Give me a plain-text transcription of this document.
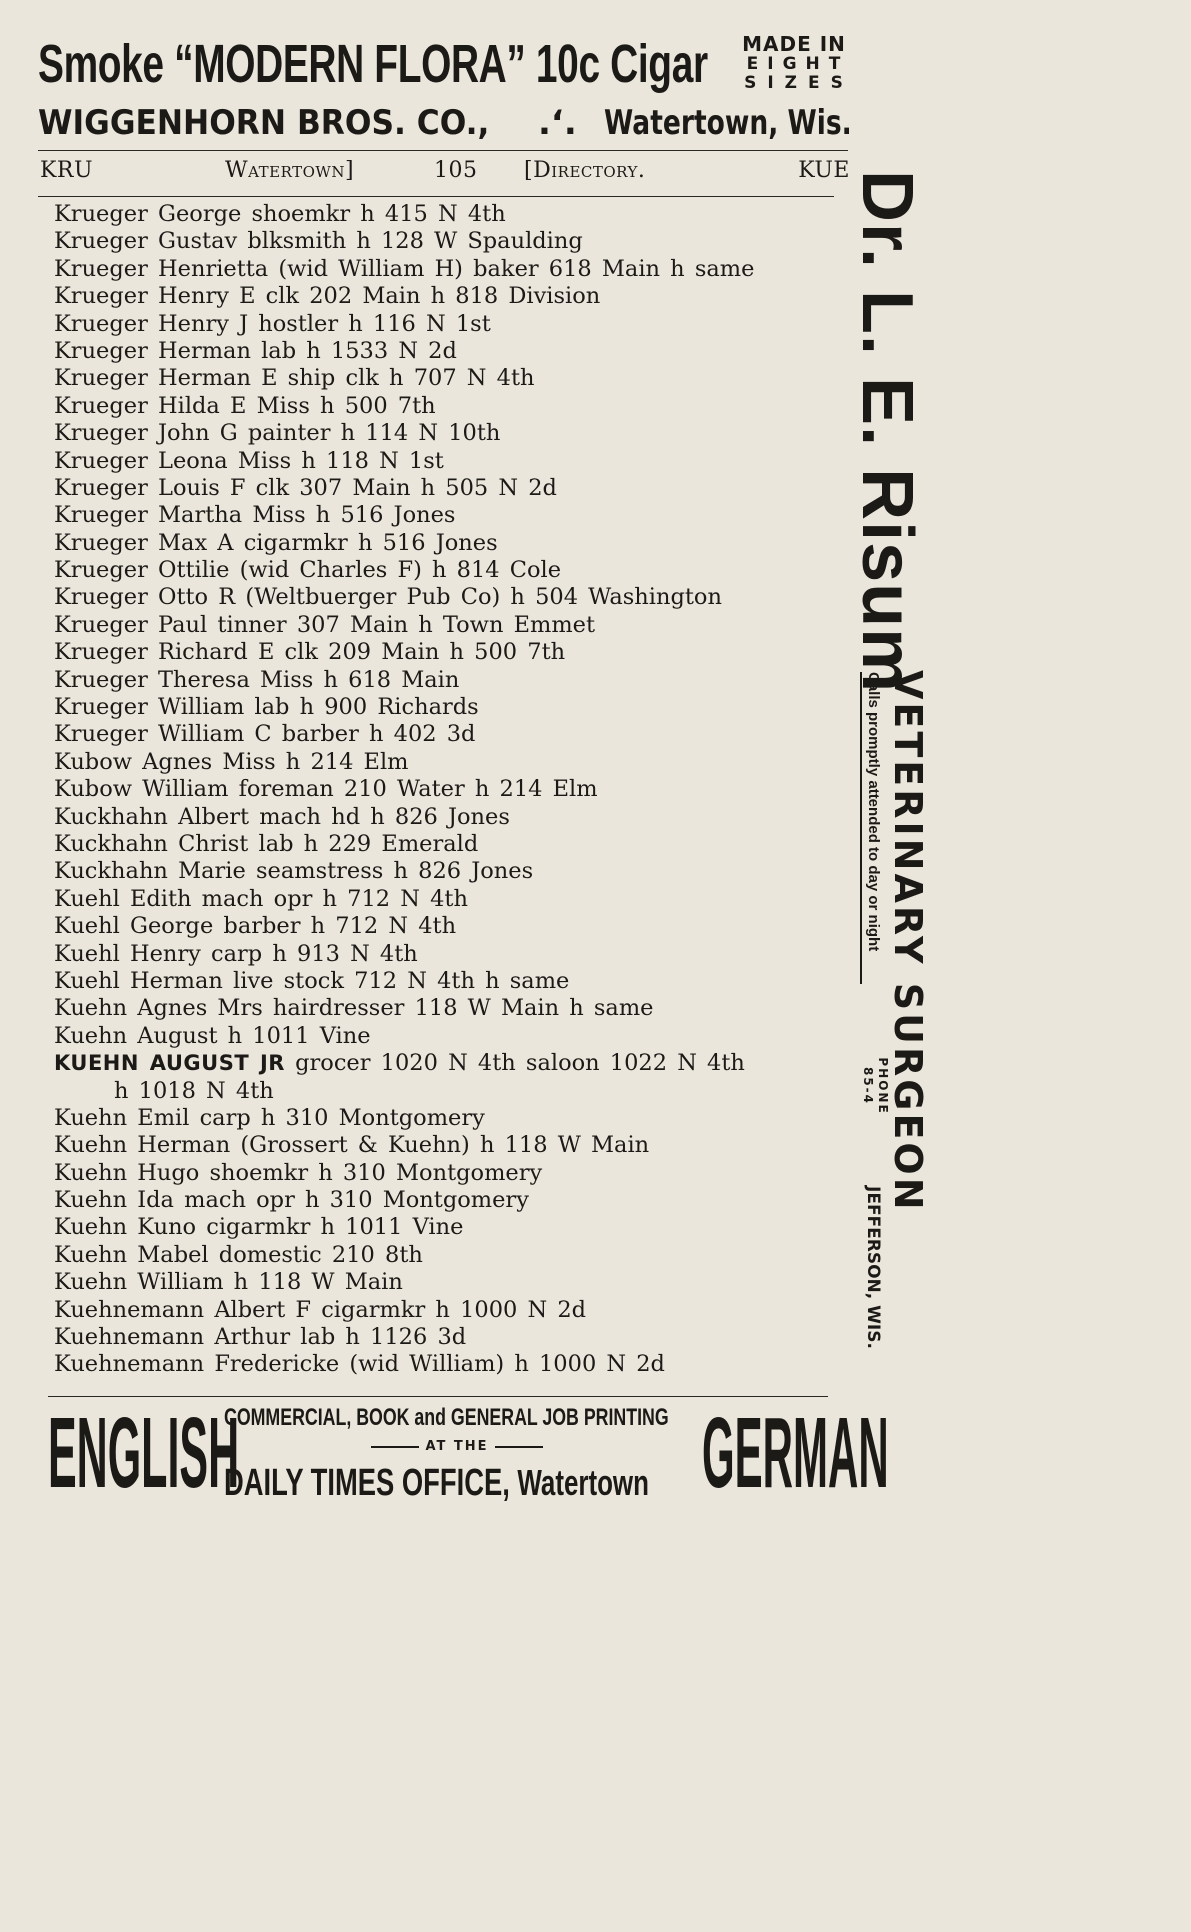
Smoke “MODERN FLORA” 10c Cigar	MADE IN
EIGHT
SIZES
WIGGENHORN BROS. CO., .‘. Watertown, Wis.
KRU	Watertown]	105 [Directory.	KUE
Krueger George shoemkr h 415 N 4th
Krueger Gustav blksmith h 128 W Spaulding
Krueger Henrietta (wid William H) baker 618 Main h same
Krueger Henry E clk 202 Main h 818 Division
Krueger Henry J hostler h 116 N 1st
Krueger Herman lab h 1533 N 2d
Krueger Herman E ship clk h 707 N 4th
Krueger Hilda E Miss h 500 7th
Krueger John G painter h 114 N 10th
Krueger Leona Miss h 118 N 1st
Krueger Louis F clk 307 Main h 505 N 2d
Krueger Martha Miss h 516 Jones
Krueger Max A cigarmkr h 516 Jones
Krueger Ottilie (wid Charles F) h 814 Cole
Krueger Otto R (Weltbuerger Pub Co) h 504 Washington
Krueger Paul tinner 307 Main h Town Emmet
Krueger Richard E clk 209 Main h 500 7th
Krueger Theresa Miss h 618 Main
Krueger William lab h 900 Richards
Krueger William C barber h 402 3d
Kubow Agnes Miss h 214 Elm
Kubow William foreman 210 Water h 214 Elm
Kuckhahn Albert mach hd h 826 Jones
Kuckhahn Christ lab h 229 Emerald
Kuckhahn Marie seamstress h 826 Jones
Kuehl Edith mach opr h 712 N 4th
Kuehl George barber h 712 N 4th
Kuehl Henry carp h 913 N 4th
Kuehl Herman live stock 712 N 4th h same
Kuehn Agnes Mrs hairdresser 118 W Main h same
Kuehn August h 1011 Vine
KUEHN AUGUST JR grocer 1020 N 4th saloon 1022 N 4th
h 1018 N 4th
Kuehn Emil carp h 310 Montgomery
Kuehn Herman (Grossert & Kuehn) h 118 W Main
Kuehn Hugo shoemkr h 310 Montgomery
Kuehn Ida mach opr h 310 Montgomery
Kuehn Kuno cigarmkr h 1011 Vine
Kuehn Mabel domestic 210 8th
Kuehn William h 118 W Main
Kuehnemann Albert F cigarmkr h 1000 N 2d
Kuehnemann Arthur lab h 1126 3d
Kuehnemann Fredericke (wid William) h 1000 N 2d
Dr. L. E. Risum
Calls promptly attended to day or night VETERINARY SURGEON
PHONE
85-4
JEFFERSON, WIS.
ENGLISH
COMMERCIAL, BOOK and GENERAL JOB PRINTING
AT THE
DAILY TIMES OFFICE, Watertown GERMAN
